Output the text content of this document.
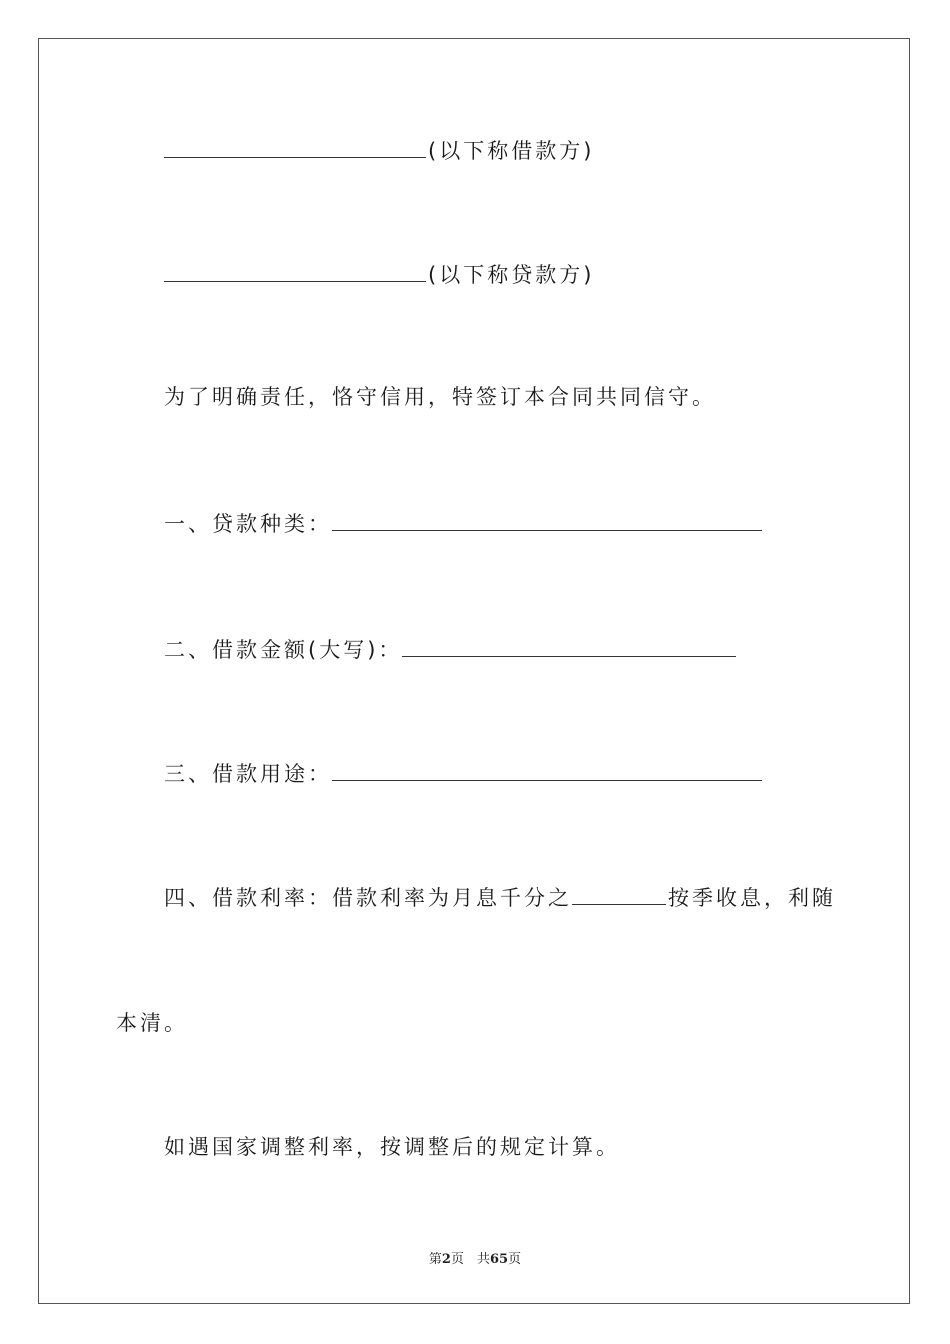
(以下称借款方)
(以下称贷款方)
为了明确责任，恪守信用，特签订本合同共同信守。
一、贷款种类：
二、借款金额(大写)：
三、借款用途：
四、借款利率：借款利率为月息千分之	按季收息，利随
本清。
如遇国家调整利率，按调整后的规定计算。
第2页　共65页
